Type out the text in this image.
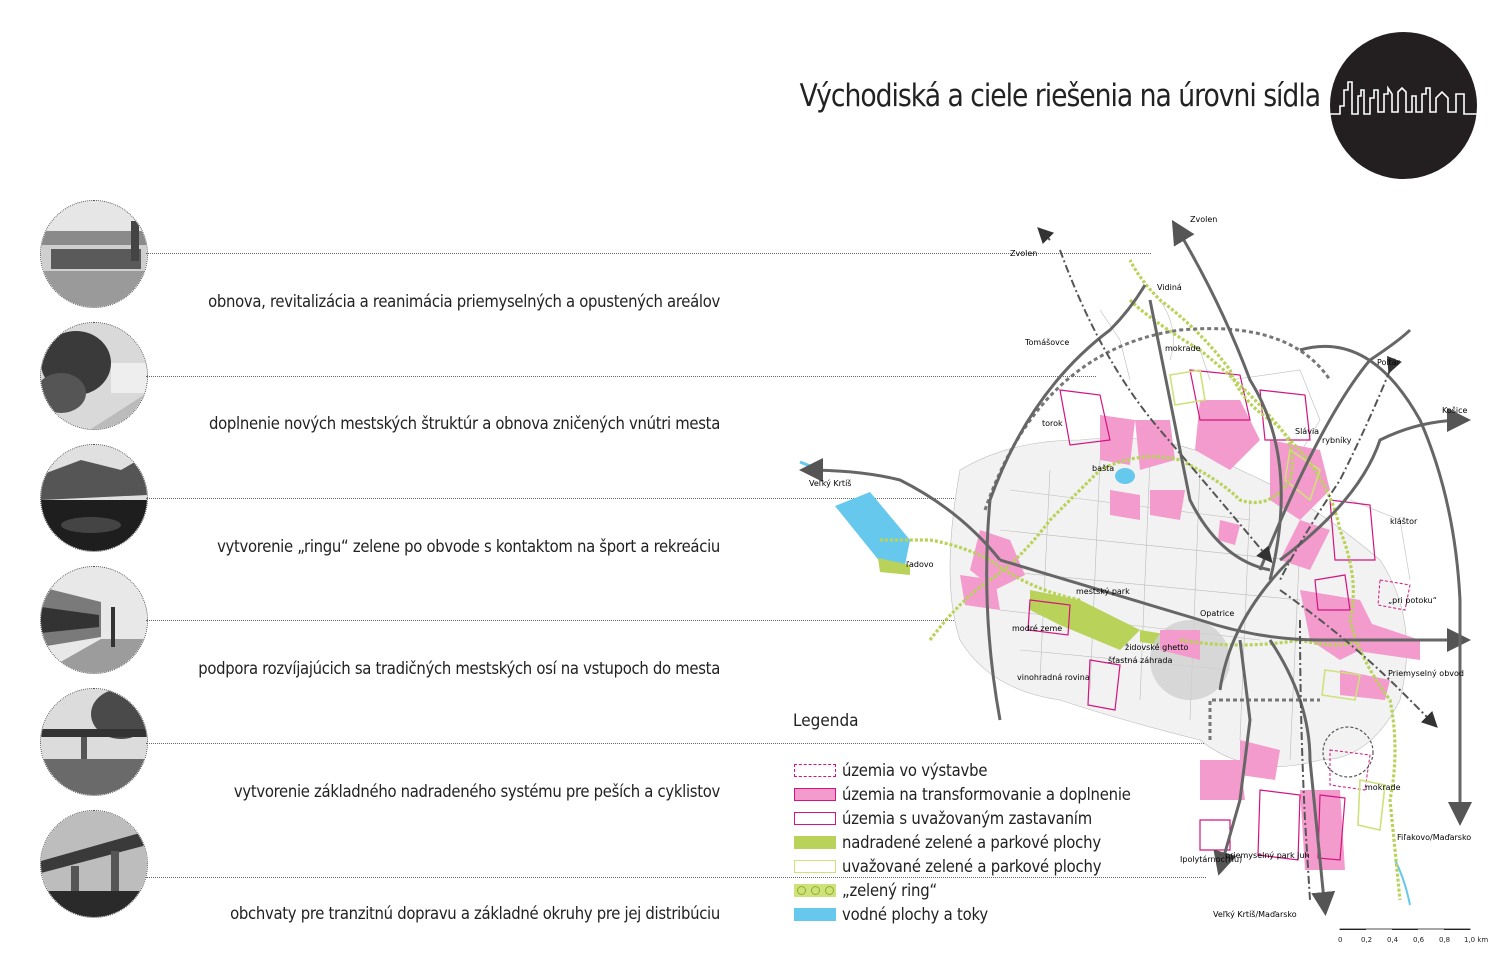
Východiská a ciele riešenia na úrovni sídla
obnova, revitalizácia a reanimácia priemyselných a opustených areálov
doplnenie nových mestských štruktúr a obnova zničených vnútri mesta
vytvorenie „ringu“ zelene po obvode s kontaktom na šport a rekreáciu
podpora rozvíjajúcich sa tradičných mestských osí na vstupoch do mesta
vytvorenie základného nadradeného systému pre peších a cyklistov
obchvaty pre tranzitnú dopravu a základné okruhy pre jej distribúciu
Zvolen
Zvolen
Vidiná
Tomášovce
mokrade
Poltár
Košice
torok
Slávia
rybníky
bašta
Veľký Krtíš
kláštor
ľadovo
mestský park
„pri potoku“
modré zeme
Opatrice
židovské ghetto
šťastná záhrada
Priemyselný obvod
vinohradná rovina
mokrade
Fiľakovo/Maďarsko
Ipolytárnoc(Hu)
priemyselný park juh
Veľký Krtíš/Maďarsko
0	0,2 0,4 0,6 0,8 1,0 km
Legenda
územia vo výstavbe
územia na transformovanie a doplnenie
územia s uvažovaným zastavaním
nadradené zelené a parkové plochy
uvažované zelené a parkové plochy
„zelený ring“
vodné plochy a toky
